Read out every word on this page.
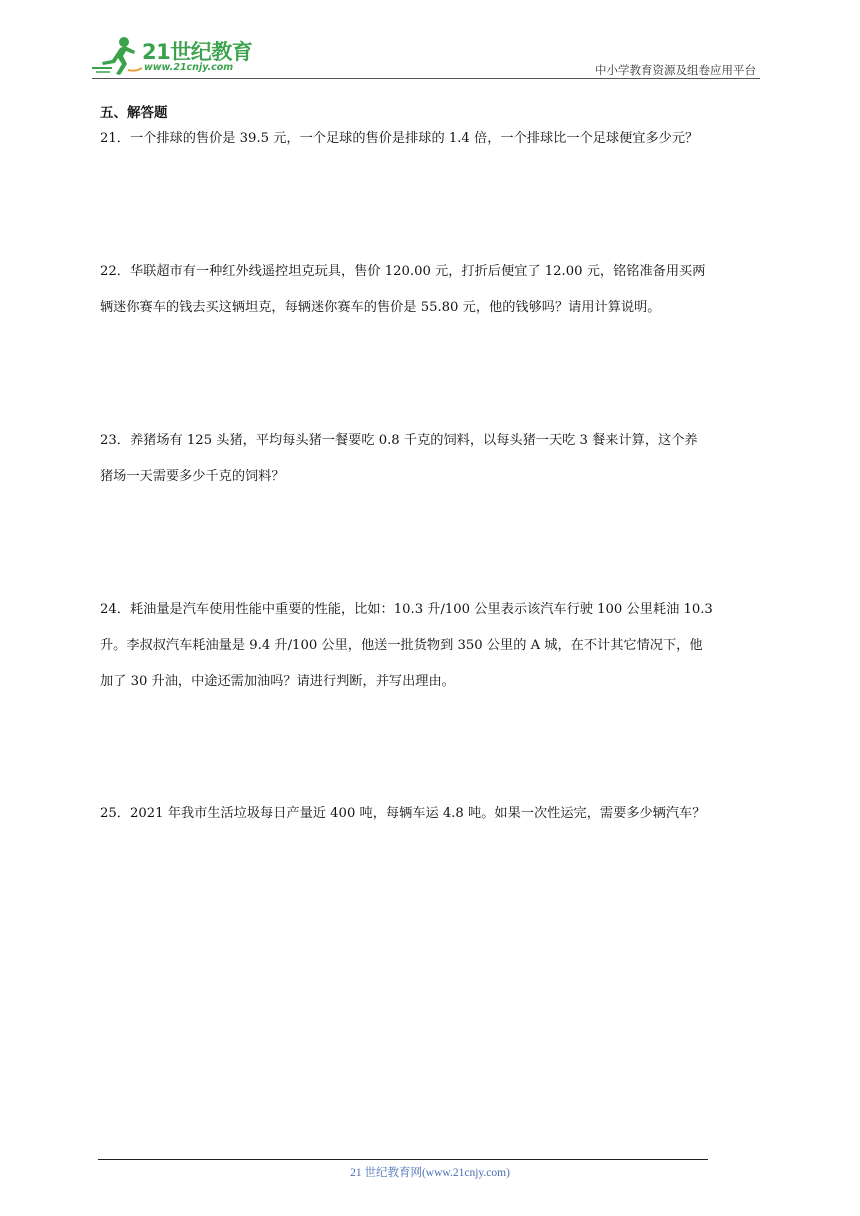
21世纪教育
www.21cnjy.com	中小学教育资源及组卷应用平台
五、解答题
21．一个排球的售价是 39.5 元，一个足球的售价是排球的 1.4 倍，一个排球比一个足球便宜多少元？
22．华联超市有一种红外线遥控坦克玩具，售价 120.00 元，打折后便宜了 12.00 元，铭铭准备用买两
辆迷你赛车的钱去买这辆坦克，每辆迷你赛车的售价是 55.80 元，他的钱够吗？请用计算说明。
23．养猪场有 125 头猪，平均每头猪一餐要吃 0.8 千克的饲料，以每头猪一天吃 3 餐来计算，这个养
猪场一天需要多少千克的饲料？
24．耗油量是汽车使用性能中重要的性能，比如：10.3 升/100 公里表示该汽车行驶 100 公里耗油 10.3
升。李叔叔汽车耗油量是 9.4 升/100 公里，他送一批货物到 350 公里的 A 城，在不计其它情况下，他
加了 30 升油，中途还需加油吗？请进行判断，并写出理由。
25．2021 年我市生活垃圾每日产量近 400 吨，每辆车运 4.8 吨。如果一次性运完，需要多少辆汽车？
21 世纪教育网(www.21cnjy.com)
